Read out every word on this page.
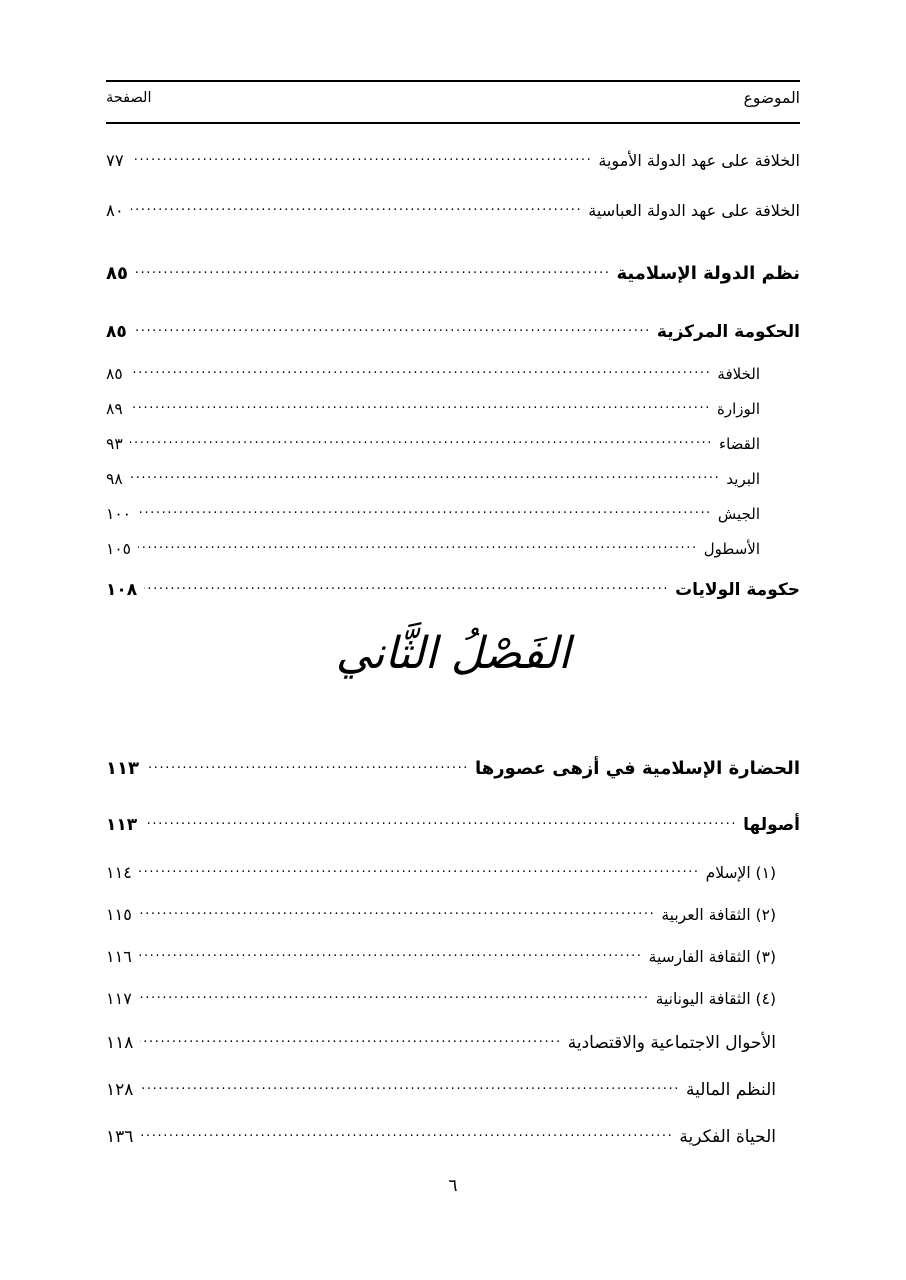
الموضوع
الصفحة
الخلافة على عهد الدولة الأموية
.....
٧٧
الخلافة على عهد الدولة العباسية
.....
٨٠
نظم الدولة الإسلامية
.....
٨٥
الحكومة المركزية
.....
٨٥
الخلافة
.....
٨٥
الوزارة
.....
٨٩
القضاء
.....
٩٣
البريد
.....
٩٨
الجيش
.....
١٠٠
الأسطول
.....
١٠٥
حكومة الولايات
.....
١٠٨
الحضارة الإسلامية في أزهى عصورها
.....
١١٣
أصولها
.....
١١٣
(١) الإسلام
.....
١١٤
(٢) الثقافة العربية
.....
١١٥
(٣) الثقافة الفارسية
.....
١١٦
(٤) الثقافة اليونانية
.....
١١٧
الأحوال الاجتماعية والاقتصادية
.....
١١٨
النظم المالية
.....
١٢٨
الحياة الفكرية
.....
١٣٦
الفَصْلُ الثَّاني
٦
